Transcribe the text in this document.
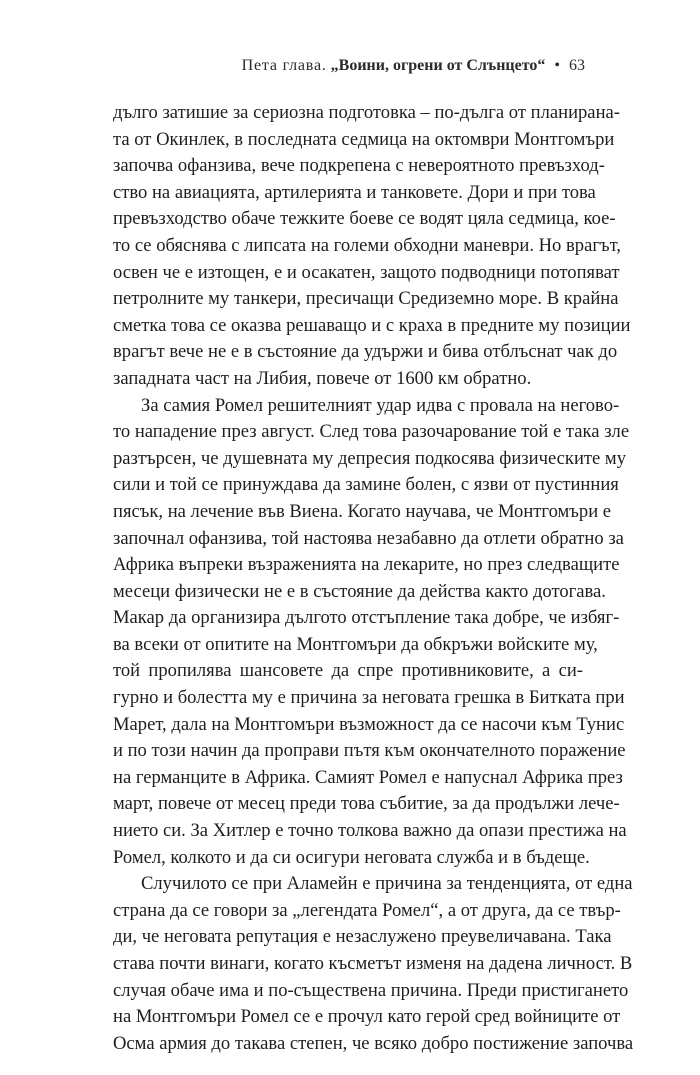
Пета глава. „Воини, огрени от Слънцето“ • 63
дълго затишие за сериозна подготовка – по-дълга от планирана-
та от Окинлек, в последната седмица на октомври Монтгомъри
започва офанзива, вече подкрепена с невероятното превъзход-
ство на авиацията, артилерията и танковете. Дори и при това
превъзходство обаче тежките боеве се водят цяла седмица, кое-
то се обяснява с липсата на големи обходни маневри. Но врагът,
освен че е изтощен, е и осакатен, защото подводници потопяват
петролните му танкери, пресичащи Средиземно море. В крайна
сметка това се оказва решаващо и с краха в предните му позиции
врагът вече не е в състояние да удържи и бива отблъснат чак до
западната част на Либия, повече от 1600 км обратно.
За самия Ромел решителният удар идва с провала на негово-
то нападение през август. След това разочарование той е така зле
разтърсен, че душевната му депресия подкосява физическите му
сили и той се принуждава да замине болен, с язви от пустинния
пясък, на лечение във Виена. Когато научава, че Монтгомъри е
започнал офанзива, той настоява незабавно да отлети обратно за
Африка въпреки възраженията на лекарите, но през следващите
месеци физически не е в състояние да действа както дотогава.
Макар да организира дългото отстъпление така добре, че избяг-
ва всеки от опитите на Монтгомъри да обкръжи войските му,
той пропилява шансовете да спре противниковите, а си-
гурно и болестта му е причина за неговата грешка в Битката при
Марет, дала на Монтгомъри възможност да се насочи към Тунис
и по този начин да проправи пътя към окончателното поражение
на германците в Африка. Самият Ромел е напуснал Африка през
март, повече от месец преди това събитие, за да продължи лече-
нието си. За Хитлер е точно толкова важно да опази престижа на
Ромел, колкото и да си осигури неговата служба и в бъдеще.
Случилото се при Аламейн е причина за тенденцията, от една
страна да се говори за „легендата Ромел“, а от друга, да се твър-
ди, че неговата репутация е незаслужено преувеличавана. Така
става почти винаги, когато късметът изменя на дадена личност. В
случая обаче има и по-съществена причина. Преди пристигането
на Монтгомъри Ромел се е прочул като герой сред войниците от
Осма армия до такава степен, че всяко добро постижение започва
